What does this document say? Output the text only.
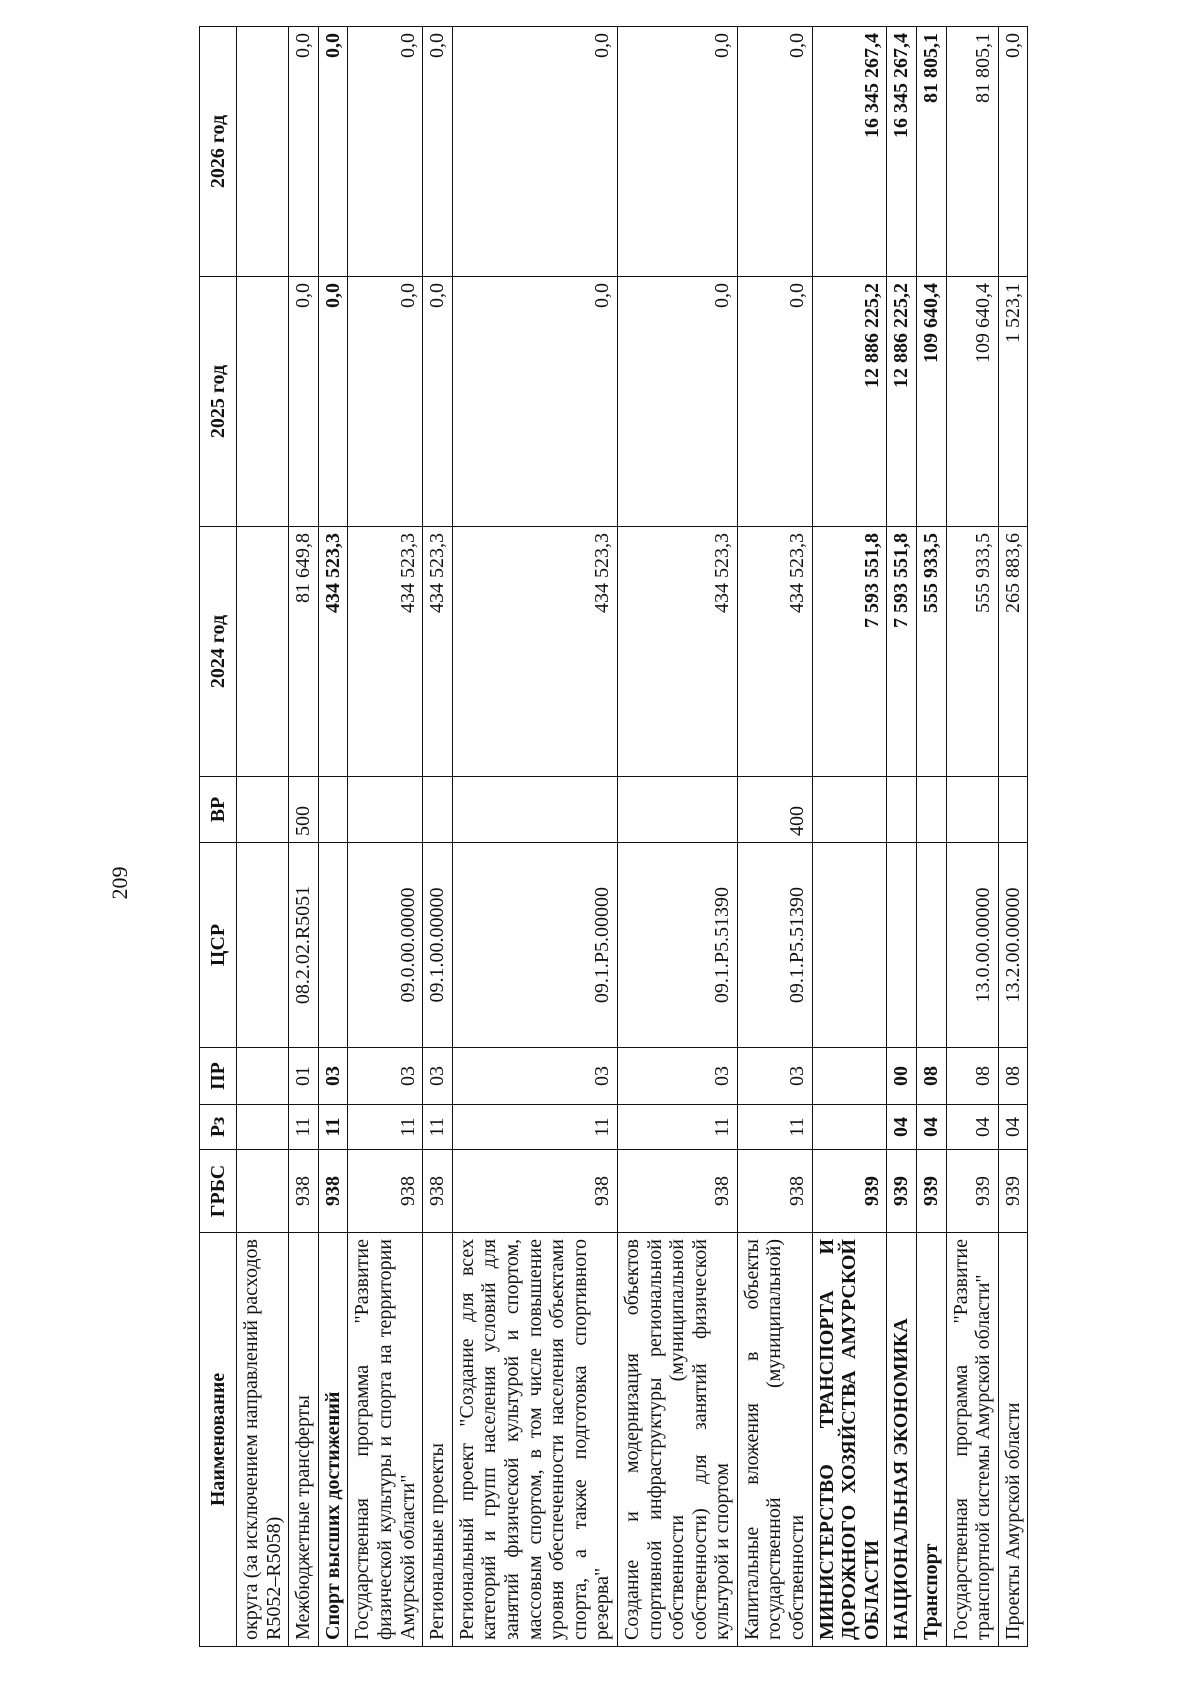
209
Наименование	ГРБС	Рз	ПР	ЦСР	ВР	2024 год	2025 год	2026 год
округа (за исключением направлений расходов R5052–R5058)								
Межбюджетные трансферты	938	11	01	08.2.02.R5051	500	81 649,8	0,0	0,0
Спорт высших достижений	938	11	03			434 523,3	0,0	0,0
Государственная программа "Развитие физической культуры и спорта на территории Амурской области"	938	11	03	09.0.00.00000		434 523,3	0,0	0,0
Региональные проекты	938	11	03	09.1.00.00000		434 523,3	0,0	0,0
Региональный проект "Создание для всех категорий и групп населения условий для занятий физической культурой и спортом, массовым спортом, в том числе повышение уровня обеспеченности населения объектами спорта, а также подготовка спортивного резерва"	938	11	03	09.1.P5.00000		434 523,3	0,0	0,0
Создание и модернизация объектов спортивной инфраструктуры региональной собственности (муниципальной собственности) для занятий физической культурой и спортом	938	11	03	09.1.P5.51390		434 523,3	0,0	0,0
Капитальные вложения в объекты государственной (муниципальной) собственности	938	11	03	09.1.P5.51390	400	434 523,3	0,0	0,0
МИНИСТЕРСТВО ТРАНСПОРТА И ДОРОЖНОГО ХОЗЯЙСТВА АМУРСКОЙ ОБЛАСТИ	939					7 593 551,8	12 886 225,2	16 345 267,4
НАЦИОНАЛЬНАЯ ЭКОНОМИКА	939	04	00			7 593 551,8	12 886 225,2	16 345 267,4
Транспорт	939	04	08			555 933,5	109 640,4	81 805,1
Государственная программа "Развитие транспортной системы Амурской области"	939	04	08	13.0.00.00000		555 933,5	109 640,4	81 805,1
Проекты Амурской области	939	04	08	13.2.00.00000		265 883,6	1 523,1	0,0
